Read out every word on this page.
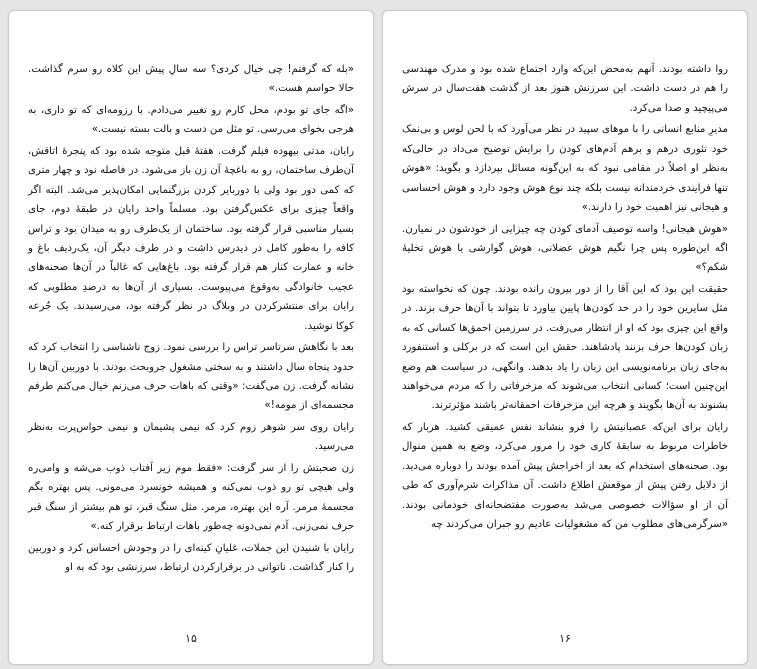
«بله که گرفتم! چی خیال کردی؟ سه سالِ پیش این کلاه رو سرم گذاشت. حالا حواسم هست.»

«اگه جای تو بودم، محل کارم رو تغییر می‌دادم. با رزومه‌ای که تو داری، به هرجی بخوای می‌رسی. تو مثل من دست و بالت بسته نیست.»

رایان، مدتی بیهوده فیلم گرفت. هفتهٔ قبل متوجه شده بود که پنجرهٔ اتاقش، آن‌طرف ساختمان، رو به باغچهٔ آن زن باز می‌شود. در فاصله نود و چهار متری که کمی دور بود ولی با دوربایر کردن بزرگنمایی امکان‌پذیر می‌شد. البته اگر واقعاً چیزی برای عکس‌گرفتن بود. مسلماً واحد رایان در طبقهٔ دوم، جای بسیار مناسبی قرار گرفته بود. ساختمان از یک‌طرف رو به میدان بود و تراس کافه را به‌طور کامل در دیدرس داشت و در طرف دیگر آن، یک‌ردیف باغ و خانه و عمارت کنار هم قرار گرفته بود. باغ‌هایی که غالباً در آن‌ها صحنه‌های عجیب خانوادگی به‌وقوع می‌پیوست. بسیاری از آن‌ها به درصدِ مطلوبی که رایان برای منتشرکردن در وبلاگ در نظر گرفته بود، می‌رسیدند. یک جُرعه کوکا نوشید.

بعد با نگاهش سرتاسر تراس را بررسی نمود. زوج ناشناسی را انتخاب کرد که حدود پنجاه سال داشتند و به سختی مشغول جروبحث بودند. با دوربین آن‌ها را نشانه گرفت. زن می‌گفت: «وقتی که باهات حرف می‌زنم خیال می‌کنم طرفم مجسمه‌ای از مومه!»

رایان روی سر شوهر زوم کرد که نیمی پشیمان و نیمی حواس‌پرت به‌نظر می‌رسید.

زن صحبتش را از سر گرفت: «فقط موم زیر آفتاب ذوب می‌شه و وامی‌ره ولی هیچی تو رو ذوب نمی‌کنه و همیشه خونسرد می‌مونی. پس بهتره بگم مجسمهٔ مرمر. آره این بهتره، مرمر. مثل سنگ قبر، تو هم بیشتر از سنگ قبر حرف نمی‌زنی. آدم نمی‌دونه چه‌طور باهات ارتباط برقرار کنه.»

رایان با شنیدن این جملات، غلیانِ کینه‌ای را در وجودش احساس کرد و دوربین را کنار گذاشت. ناتوانی در برقرارکردن ارتباط، سرزنشی بود که به او

۱۵

روا داشته بودند. آنهم به‌محض این‌که وارد اجتماع شده بود و مدرک مهندسی را هم در دست داشت. این سرزنش هنوز بعد از گذشت هفت‌سال در سرش می‌پیچید و صدا می‌کرد.

مدیرِ منابع انسانی را با موهای سپید در نظر می‌آورد که با لحن لوس و بی‌نمک خود تئوری درهم و برهم آدم‌های کودن را برایش توضیح می‌داد در حالی‌که به‌نظر او اصلاً در مقامی نبود که به این‌گونه مسائل بپردازد و بگوید: «هوش تنها فرایندی خردمندانه نیست بلکه چند نوع هوش وجود دارد و هوش احساسی و هیجانی نیز اهمیت خود را دارند.»

«هوش هیجانی! واسه توصیف آدمای کودن چه چیزایی از خودشون در نمیارن. اگه این‌طوره پس چرا نگیم هوش عضلانی، هوش گوارشی یا هوش تخلیهٔ شکم؟»

حقیقت این بود که این آقا را از دور بیرون رانده بودند. چون که نخواسته بود مثل سایرین خود را در حد کودن‌ها پایین بیاورد تا بتواند با آن‌ها حرف بزند. در واقع این چیزی بود که او از انتظار می‌رفت. در سرزمین احمق‌ها کسانی که به زبان کودن‌ها حرف بزنند پادشاهند. حقش این است که در برکلی و استنفورد به‌جای زبان برنامه‌نویسی این زبان را یاد بدهند. وانگهی، در سیاست هم وضع این‌چنین است؛ کسانی انتخاب می‌شوند که مزخرفاتی را که مردم می‌خواهند بشنوند به آن‌ها بگویند و هرچه این مزخرفات احمقانه‌تر باشند مؤثرترند.

رایان برای این‌که عصبانیتش را فرو بنشاند نفس عمیقی کشید. هربار که خاطرات مربوط به سابقهٔ کاری خود را مرور می‌کرد، وضع به همین منوال بود. صحنه‌های استخدام که بعد از اخراجش پیش آمده بودند را دوباره می‌دید. از دلایل رفتن پیش از موقعش اطلاع داشت. آن مذاکرات شرم‌آوری که طی آن از او سؤالات خصوصی می‌شد به‌صورت مفتضحانه‌ای خودمانی بودند. «سرگرمی‌های مطلوب من که مشغولیات عادیم رو جبران می‌کردند چه

۱۶
